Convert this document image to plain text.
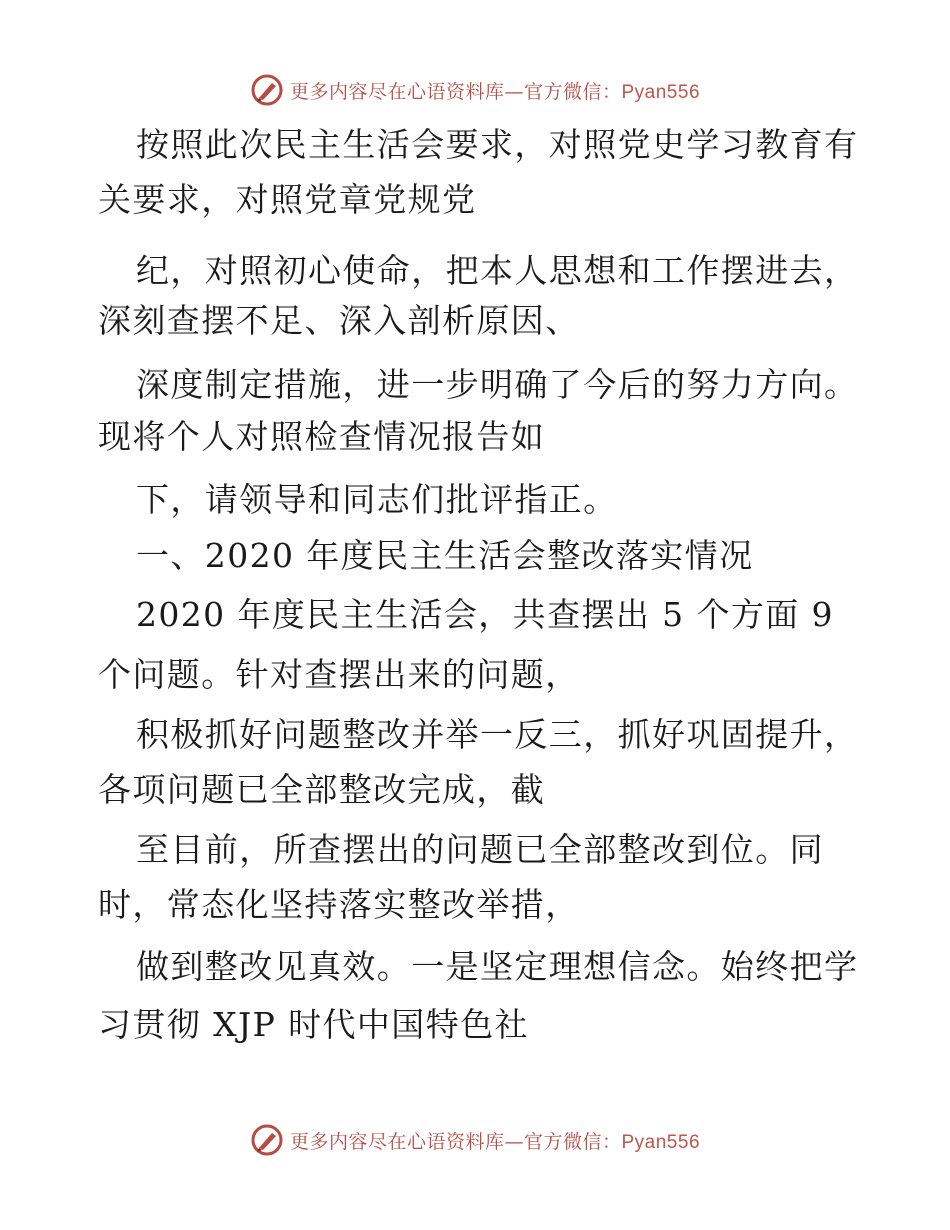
更多内容尽在心语资料库—官方微信：Pyan556
按照此次民主生活会要求，对照党史学习教育有
关要求，对照党章党规党
纪，对照初心使命，把本人思想和工作摆进去，
深刻查摆不足、深入剖析原因、
深度制定措施，进一步明确了今后的努力方向。
现将个人对照检查情况报告如
下，请领导和同志们批评指正。
一、2020 年度民主生活会整改落实情况
2020 年度民主生活会，共查摆出 5 个方面 9
个问题。针对查摆出来的问题，
积极抓好问题整改并举一反三，抓好巩固提升，
各项问题已全部整改完成，截
至目前，所查摆出的问题已全部整改到位。同
时，常态化坚持落实整改举措，
做到整改见真效。一是坚定理想信念。始终把学
习贯彻 XJP 时代中国特色社
更多内容尽在心语资料库—官方微信：Pyan556
